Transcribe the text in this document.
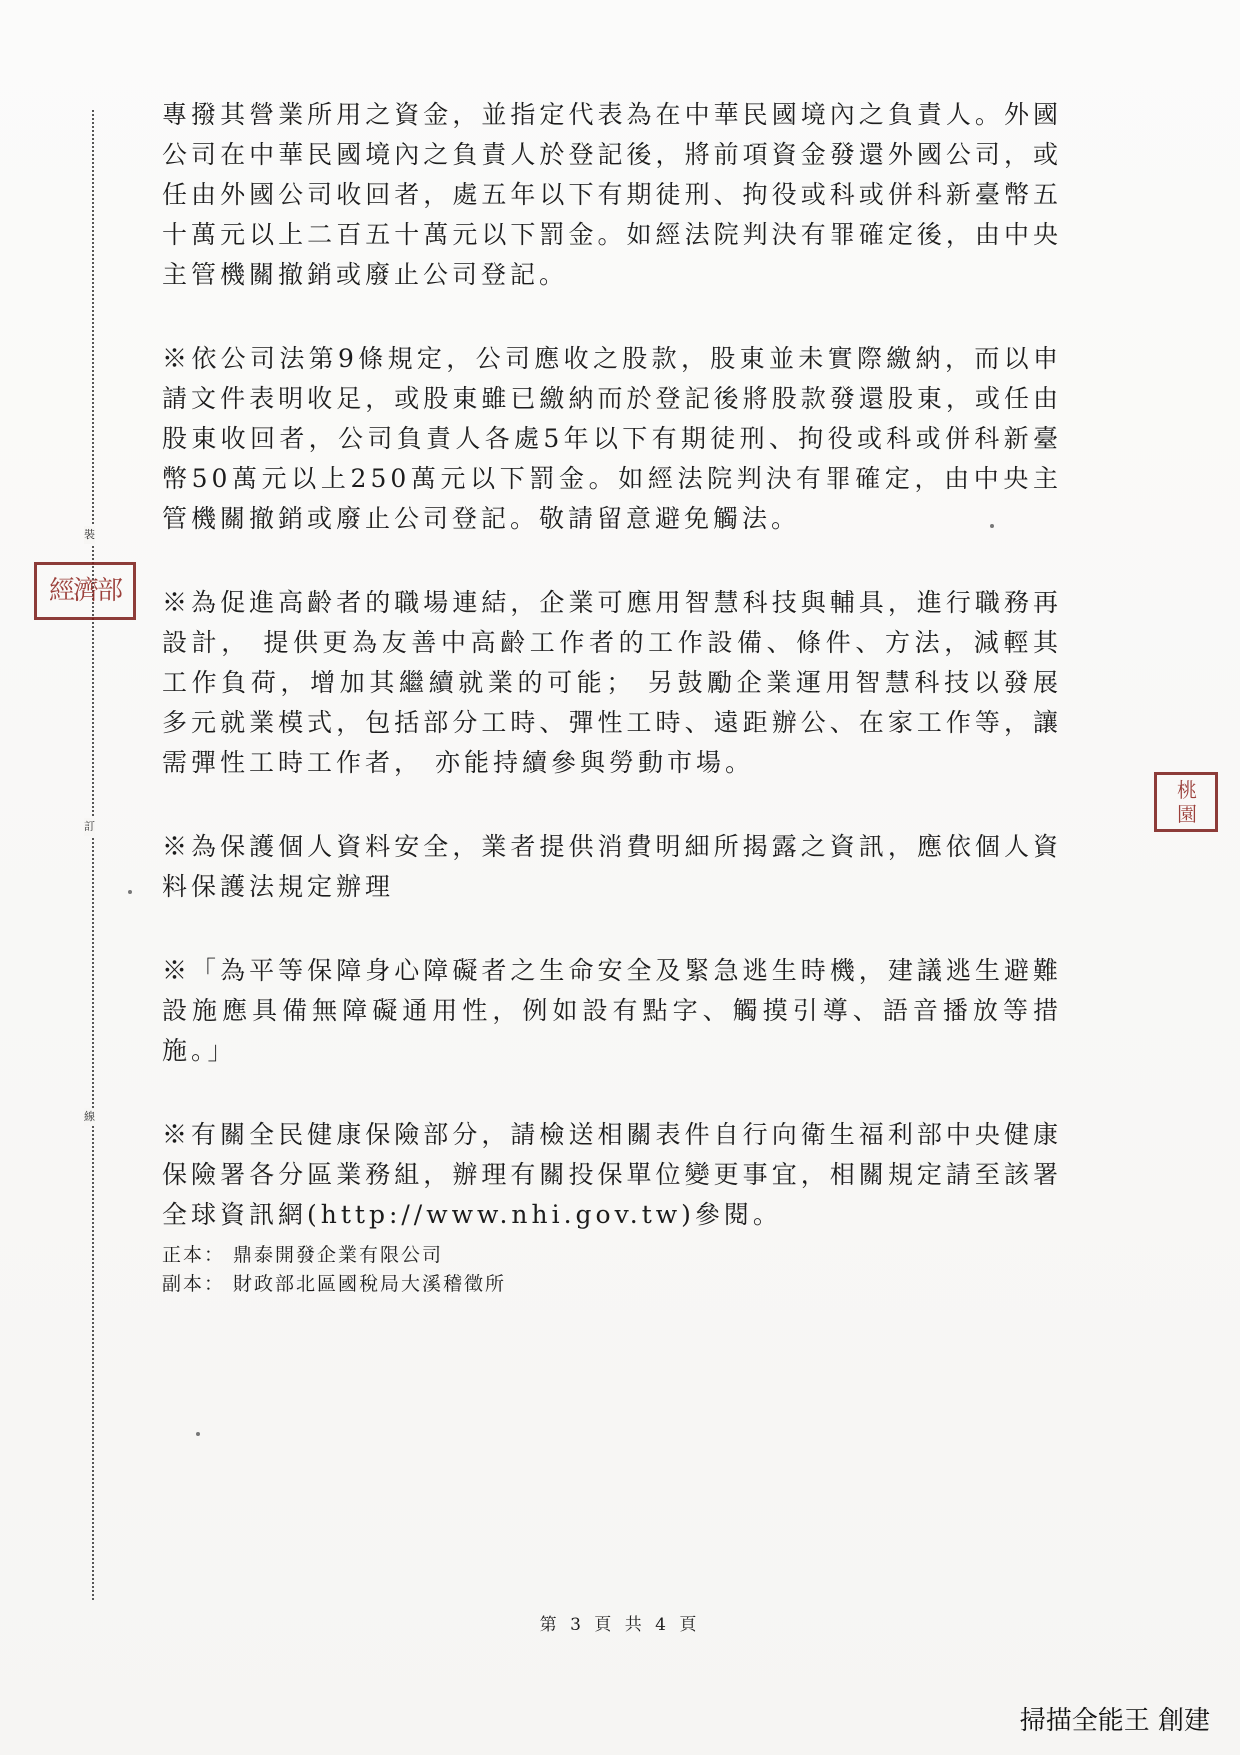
裝
訂
線
經濟部
桃園

專撥其營業所用之資金，並指定代表為在中華民國境內之負責人。外國公司在中華民國境內之負責人於登記後，將前項資金發還外國公司，或任由外國公司收回者，處五年以下有期徒刑、拘役或科或併科新臺幣五十萬元以上二百五十萬元以下罰金。如經法院判決有罪確定後，由中央主管機關撤銷或廢止公司登記。

※依公司法第9條規定，公司應收之股款，股東並未實際繳納，而以申請文件表明收足，或股東雖已繳納而於登記後將股款發還股東，或任由股東收回者，公司負責人各處5年以下有期徒刑、拘役或科或併科新臺幣50萬元以上250萬元以下罰金。如經法院判決有罪確定，由中央主管機關撤銷或廢止公司登記。敬請留意避免觸法。

※為促進高齡者的職場連結，企業可應用智慧科技與輔具，進行職務再設計， 提供更為友善中高齡工作者的工作設備、條件、方法，減輕其工作負荷，增加其繼續就業的可能； 另鼓勵企業運用智慧科技以發展多元就業模式，包括部分工時、彈性工時、遠距辦公、在家工作等，讓需彈性工時工作者， 亦能持續參與勞動市場。

※為保護個人資料安全，業者提供消費明細所揭露之資訊，應依個人資料保護法規定辦理

※「為平等保障身心障礙者之生命安全及緊急逃生時機，建議逃生避難設施應具備無障礙通用性，例如設有點字、觸摸引導、語音播放等措施。」

※有關全民健康保險部分，請檢送相關表件自行向衛生福利部中央健康保險署各分區業務組，辦理有關投保單位變更事宜，相關規定請至該署全球資訊網(http://www.nhi.gov.tw)參閱。

正本： 鼎泰開發企業有限公司
副本： 財政部北區國稅局大溪稽徵所
第 3 頁 共 4 頁
掃描全能王 創建
